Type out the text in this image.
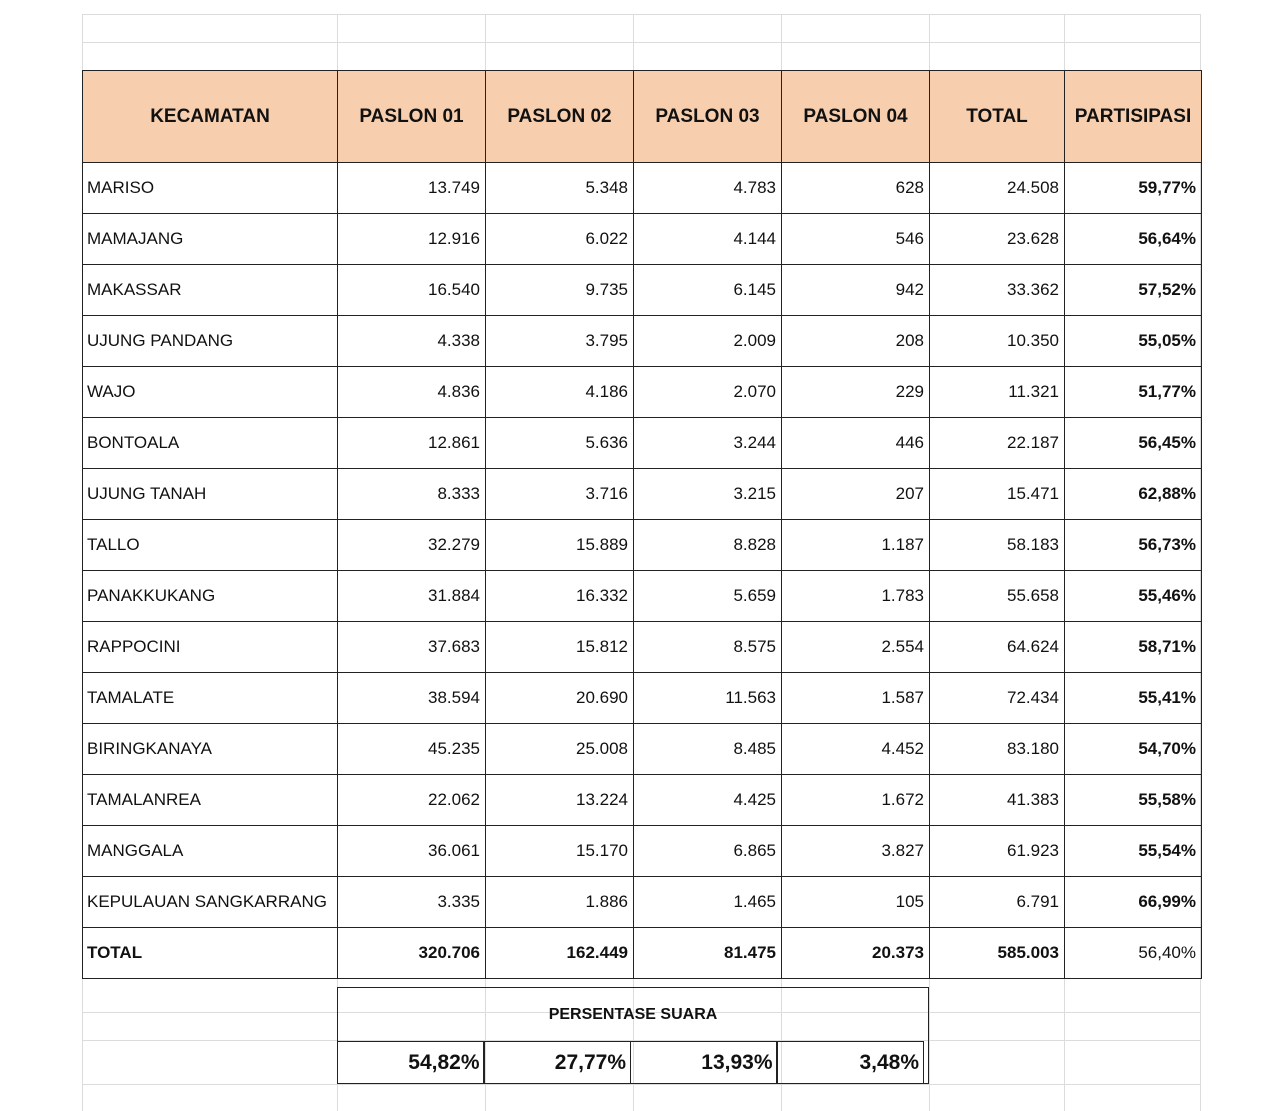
KECAMATAN	PASLON 01	PASLON 02	PASLON 03	PASLON 04	TOTAL	PARTISIPASI
MARISO	13.749	5.348	4.783	628	24.508	59,77%
MAMAJANG	12.916	6.022	4.144	546	23.628	56,64%
MAKASSAR	16.540	9.735	6.145	942	33.362	57,52%
UJUNG PANDANG	4.338	3.795	2.009	208	10.350	55,05%
WAJO	4.836	4.186	2.070	229	11.321	51,77%
BONTOALA	12.861	5.636	3.244	446	22.187	56,45%
UJUNG TANAH	8.333	3.716	3.215	207	15.471	62,88%
TALLO	32.279	15.889	8.828	1.187	58.183	56,73%
PANAKKUKANG	31.884	16.332	5.659	1.783	55.658	55,46%
RAPPOCINI	37.683	15.812	8.575	2.554	64.624	58,71%
TAMALATE	38.594	20.690	11.563	1.587	72.434	55,41%
BIRINGKANAYA	45.235	25.008	8.485	4.452	83.180	54,70%
TAMALANREA	22.062	13.224	4.425	1.672	41.383	55,58%
MANGGALA	36.061	15.170	6.865	3.827	61.923	55,54%
KEPULAUAN SANGKARRANG	3.335	1.886	1.465	105	6.791	66,99%
TOTAL	320.706	162.449	81.475	20.373	585.003	56,40%
PERSENTASE SUARA
54,82%	27,77%	13,93%	3,48%
